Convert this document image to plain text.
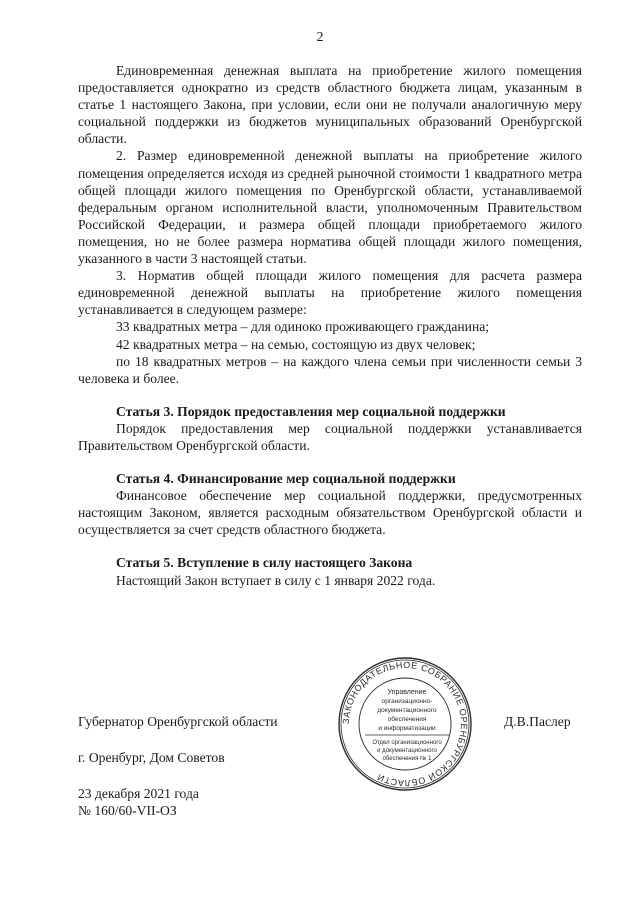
2

Единовременная денежная выплата на приобретение жилого помещения предоставляется однократно из средств областного бюджета лицам, указанным в статье 1 настоящего Закона, при условии, если они не получали аналогичную меру социальной поддержки из бюджетов муниципальных образований Оренбургской области.

2. Размер единовременной денежной выплаты на приобретение жилого помещения определяется исходя из средней рыночной стоимости 1 квадратного метра общей площади жилого помещения по Оренбургской области, устанавливаемой федеральным органом исполнительной власти, уполномоченным Правительством Российской Федерации, и размера общей площади приобретаемого жилого помещения, но не более размера норматива общей площади жилого помещения, указанного в части 3 настоящей статьи.

3. Норматив общей площади жилого помещения для расчета размера единовременной денежной выплаты на приобретение жилого помещения устанавливается в следующем размере:

33 квадратных метра – для одиноко проживающего гражданина;

42 квадратных метра – на семью, состоящую из двух человек;

по 18 квадратных метров – на каждого члена семьи при численности семьи 3 человека и более.

Статья 3. Порядок предоставления мер социальной поддержки

Порядок предоставления мер социальной поддержки устанавливается Правительством Оренбургской области.

Статья 4. Финансирование мер социальной поддержки

Финансовое обеспечение мер социальной поддержки, предусмотренных настоящим Законом, является расходным обязательством Оренбургской области и осуществляется за счет средств областного бюджета.

Статья 5. Вступление в силу настоящего Закона

Настоящий Закон вступает в силу с 1 января 2022 года.

Губернатор Оренбургской области	Д.В.Паслер
г. Оренбург, Дом Советов
23 декабря 2021 года
№ 160/60-VII-ОЗ
ЗАКОНОДАТЕЛЬНОЕ СОБРАНИЕ ОРЕНБУРГСКОЙ ОБЛАСТИ
Управление
организационно-
документационного
обеспечения
и информатизации
Отдел организационного
и документационного
обеспечения № 1
